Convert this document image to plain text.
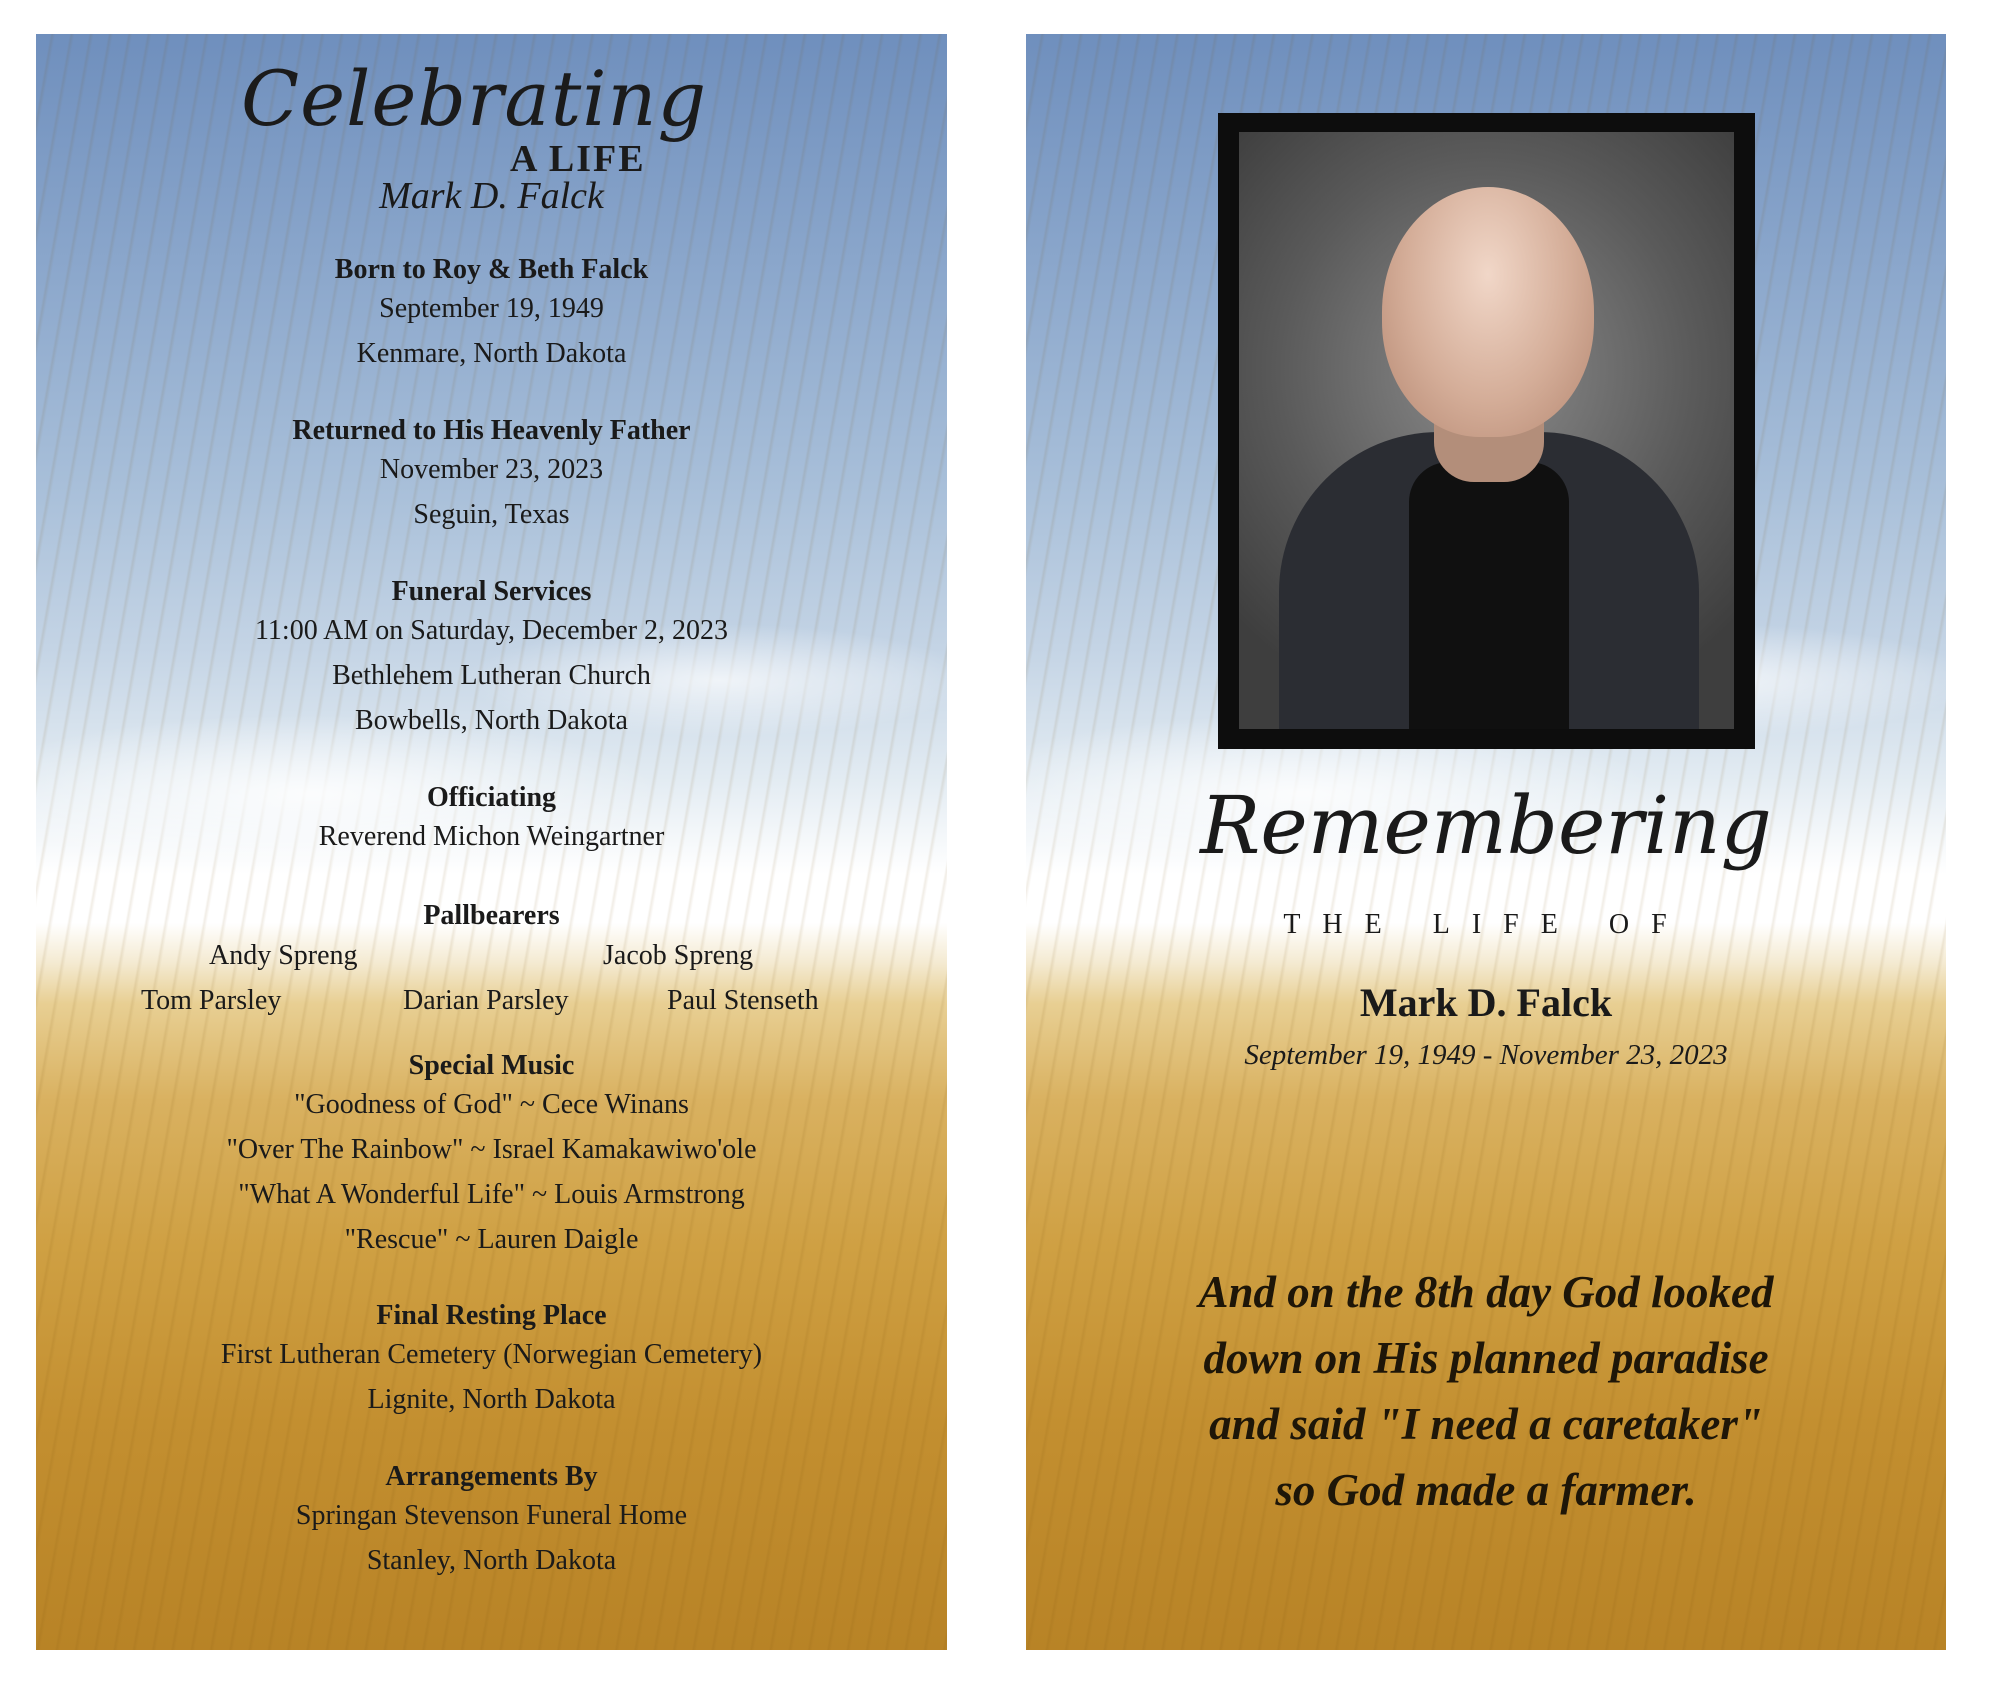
Celebrating
A LIFE
Mark D. Falck
Born to Roy & Beth Falck
September 19, 1949
Kenmare, North Dakota
Returned to His Heavenly Father
November 23, 2023
Seguin, Texas
Funeral Services
11:00 AM on Saturday, December 2, 2023
Bethlehem Lutheran Church
Bowbells, North Dakota
Officiating
Reverend Michon Weingartner
Pallbearers
Andy Spreng	Jacob Spreng
Tom Parsley	Darian Parsley	Paul Stenseth
Special Music
"Goodness of God" ~ Cece Winans
"Over The Rainbow" ~ Israel Kamakawiwo'ole
"What A Wonderful Life" ~ Louis Armstrong
"Rescue" ~ Lauren Daigle
Final Resting Place
First Lutheran Cemetery (Norwegian Cemetery)
Lignite, North Dakota
Arrangements By
Springan Stevenson Funeral Home
Stanley, North Dakota
Remembering
THE LIFE OF
Mark D. Falck
September 19, 1949 - November 23, 2023
And on the 8th day God looked
down on His planned paradise
and said "I need a caretaker"
so God made a farmer.
